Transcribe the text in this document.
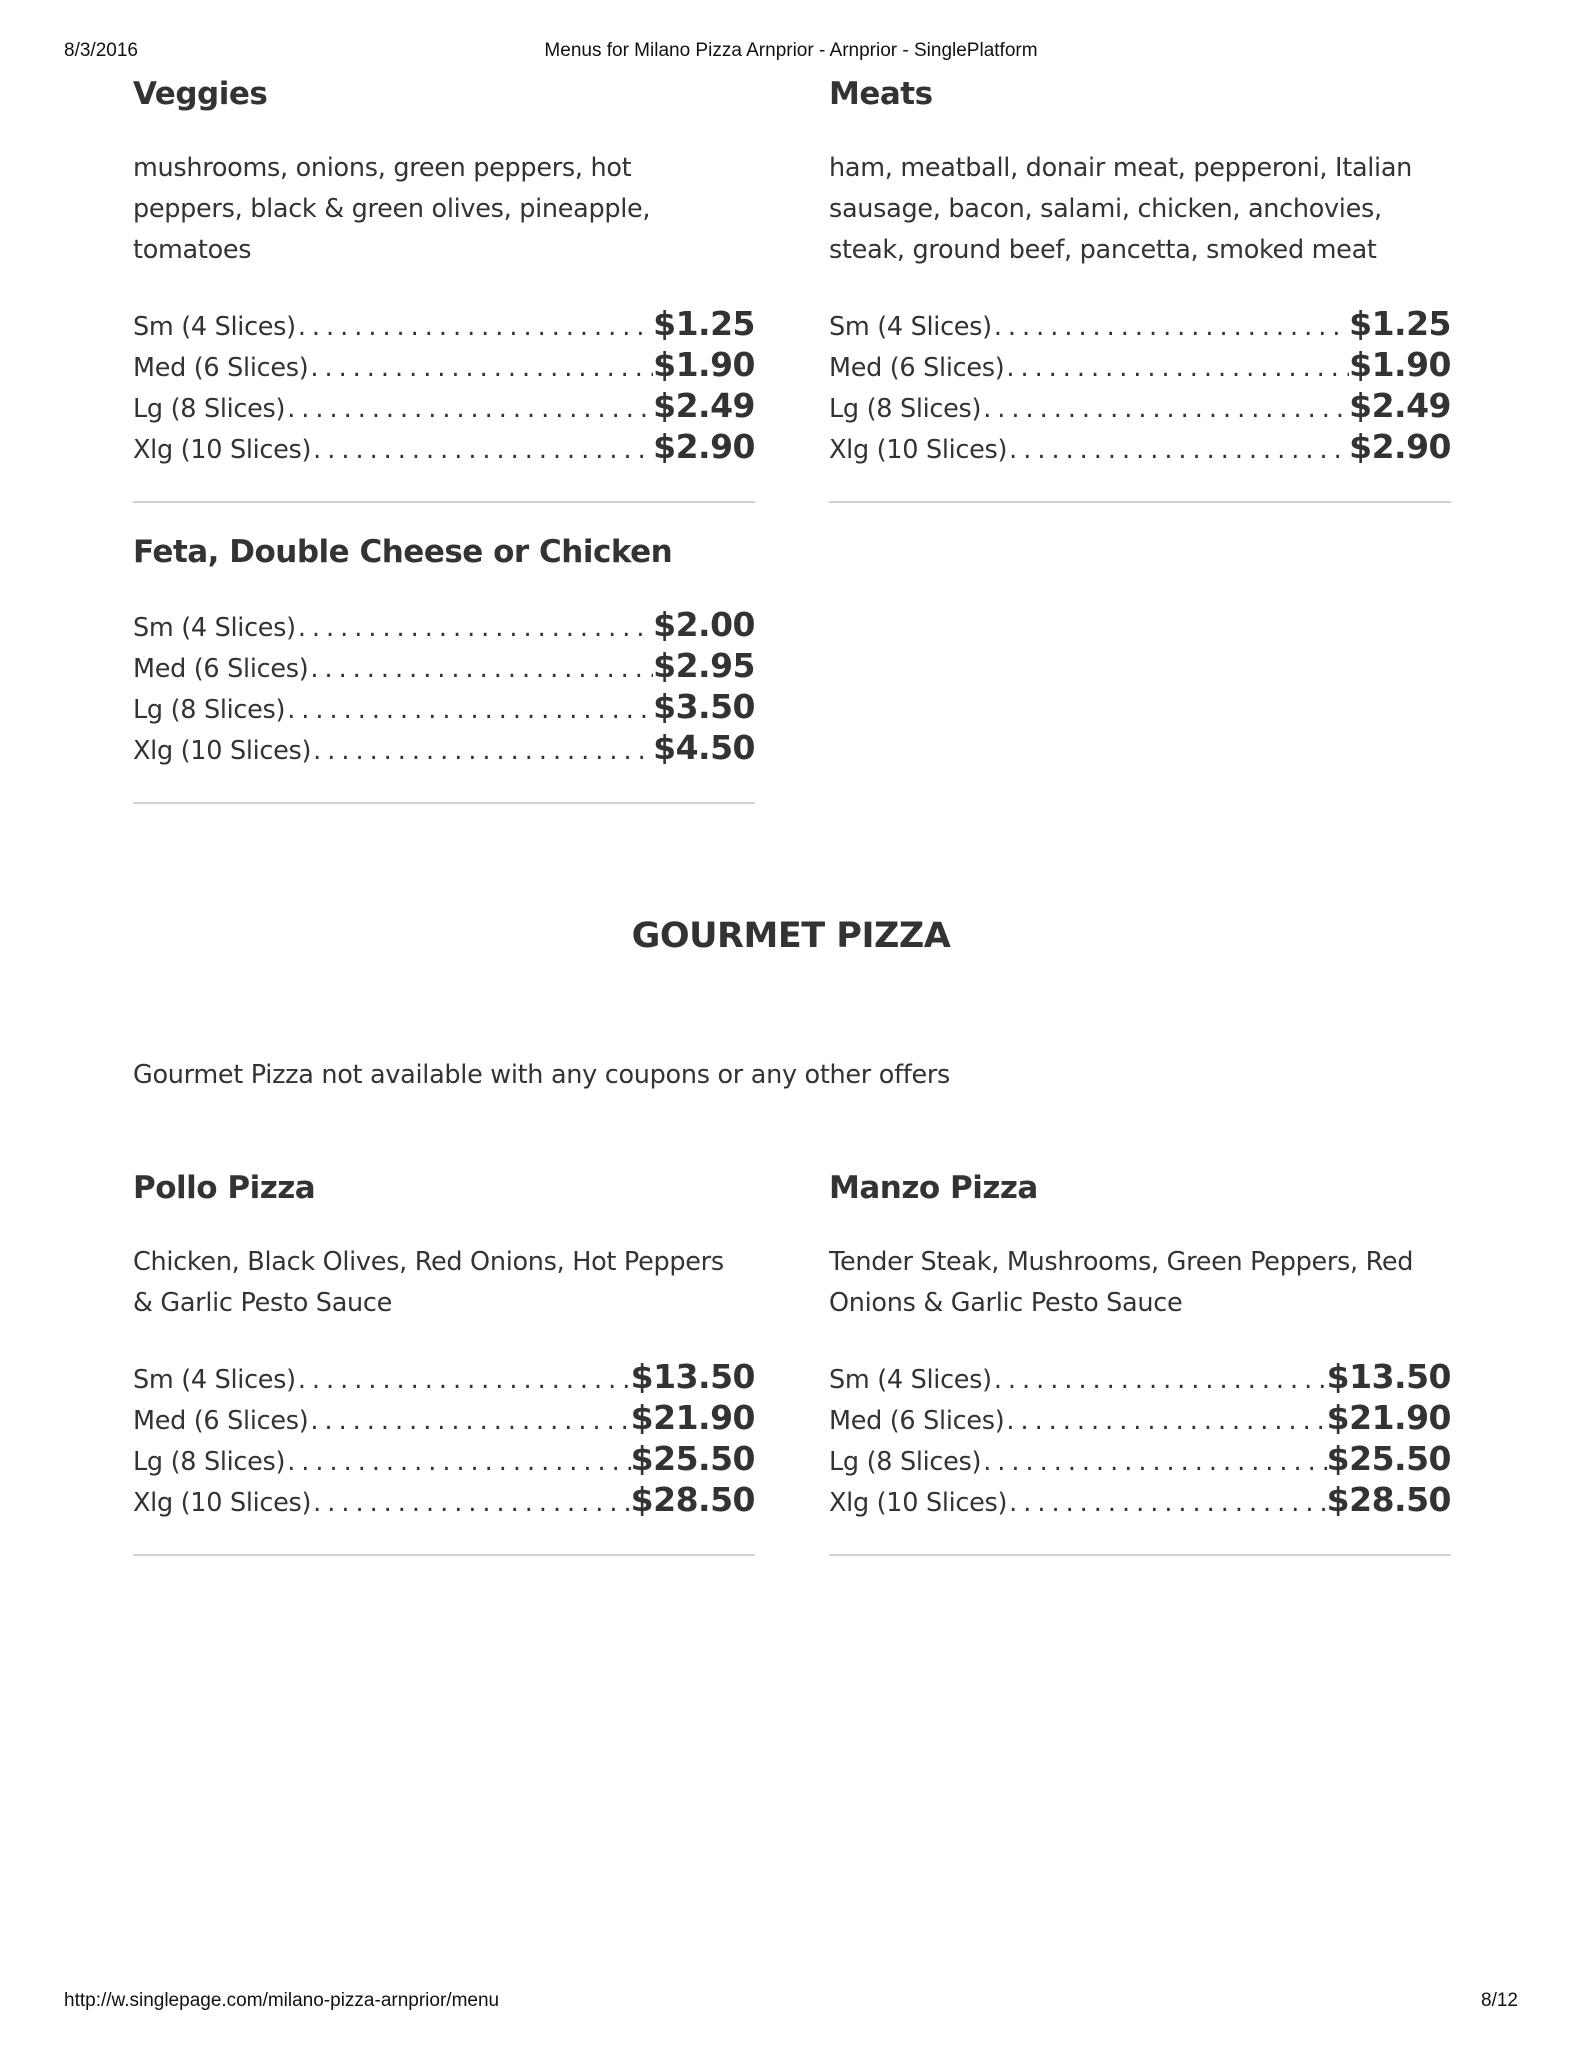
8/3/2016	Menus for Milano Pizza Arnprior - Arnprior - SinglePlatform
Veggies

mushrooms, onions, green peppers, hot peppers, black & green olives, pineapple, tomatoes

Sm (4 Slices) .....	$1.25
Med (6 Slices) .....	$1.90
Lg (8 Slices) .....	$2.49
Xlg (10 Slices) .....	$2.90
Meats

ham, meatball, donair meat, pepperoni, Italian sausage, bacon, salami, chicken, anchovies, steak, ground beef, pancetta, smoked meat

Sm (4 Slices) .....	$1.25
Med (6 Slices) .....	$1.90
Lg (8 Slices) .....	$2.49
Xlg (10 Slices) .....	$2.90
Feta, Double Cheese or Chicken
Sm (4 Slices) .....	$2.00
Med (6 Slices) .....	$2.95
Lg (8 Slices) .....	$3.50
Xlg (10 Slices) .....	$4.50
GOURMET PIZZA

Gourmet Pizza not available with any coupons or any other offers

Pollo Pizza

Chicken, Black Olives, Red Onions, Hot Peppers & Garlic Pesto Sauce

Sm (4 Slices) .....	$13.50
Med (6 Slices) .....	$21.90
Lg (8 Slices) .....	$25.50
Xlg (10 Slices) .....	$28.50
Manzo Pizza

Tender Steak, Mushrooms, Green Peppers, Red Onions & Garlic Pesto Sauce

Sm (4 Slices) .....	$13.50
Med (6 Slices) .....	$21.90
Lg (8 Slices) .....	$25.50
Xlg (10 Slices) .....	$28.50
http://w.singlepage.com/milano-pizza-arnprior/menu	8/12
